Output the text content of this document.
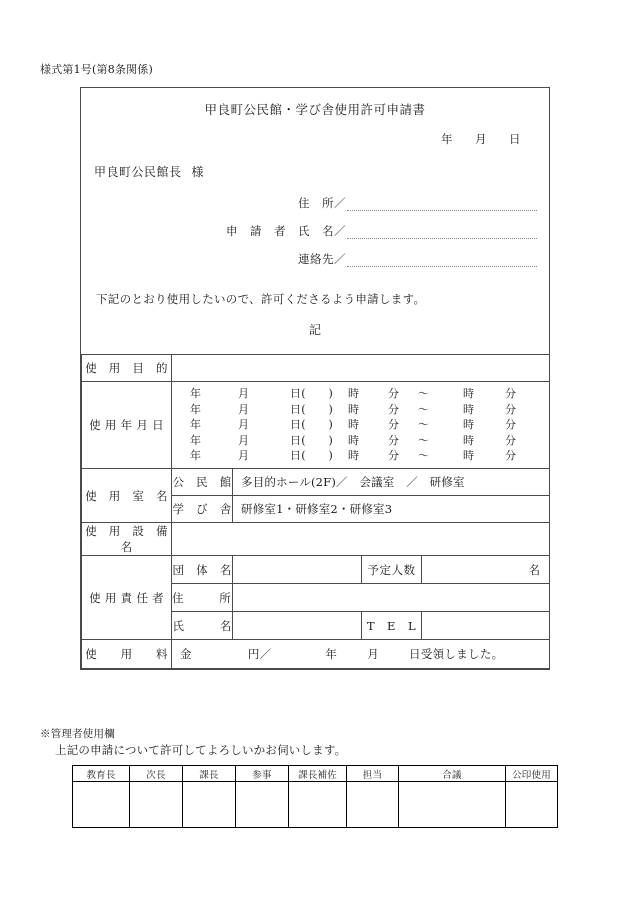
様式第1号(第8条関係)
甲良町公民館・学び舎使用許可申請書
年 月 日
甲良町公民館長 様
住　所／
申　請　者　氏　名／
連絡先／
下記のとおり使用したいので、許可くださるよう申請します。
記
使　用　目　的				
使 用 年 月 日	
年	月	日(　　)	時	分	～	時	分
年	月	日(　　)	時	分	～	時	分
年	月	日(　　)	時	分	～	時	分
年	月	日(　　)	時	分	～	時	分
年	月	日(　　)	時	分	～	時	分

使　用　室　名	公　民　館	多目的ホール(2F)／　会議室　／　研修室		

	学　び　舎	研修室1・研修室2・研修室3		

使　用　設　備　名				
使 用 責 任 者	団　体　名		予定人数	名

	住　　　所			

	氏　　　名		T　E　L	
使　　用　　料	金 円／ 年 月 日受領しました。			
※管理者使用欄
上記の申請について許可してよろしいかお伺いします。
教育長	次長	課長	参事	課長補佐	担当	合議	公印使用
